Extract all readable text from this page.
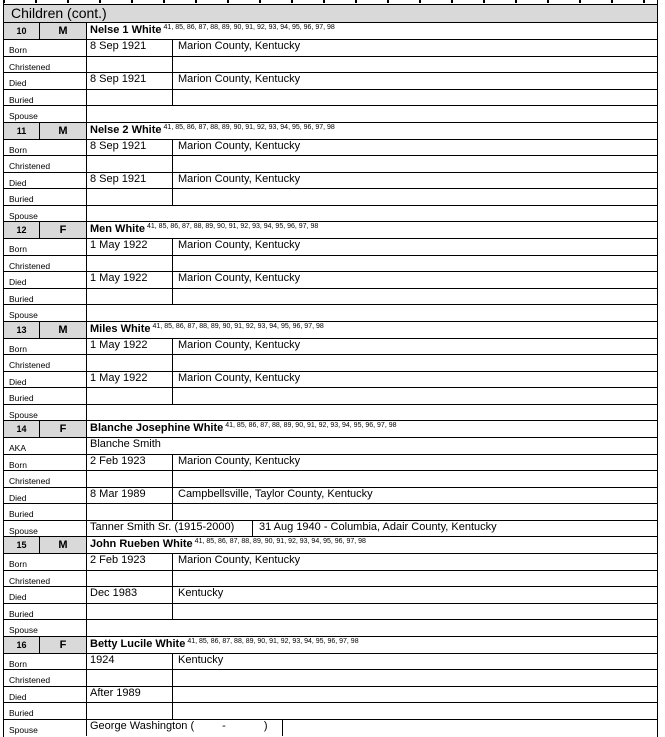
Children (cont.)
10	M	Nelse 1 White $^{41, 85, 86, 87, 88, 89, 90, 91, 92, 93, 94, 95, 96, 97, 98}$
Born	8 Sep 1921	Marion County, Kentucky
Christened
Died	8 Sep 1921	Marion County, Kentucky
Buried
Spouse
11	M	Nelse 2 White $^{41, 85, 86, 87, 88, 89, 90, 91, 92, 93, 94, 95, 96, 97, 98}$
Born	8 Sep 1921	Marion County, Kentucky
Christened
Died	8 Sep 1921	Marion County, Kentucky
Buried
Spouse
12	F	Men White $^{41, 85, 86, 87, 88, 89, 90, 91, 92, 93, 94, 95, 96, 97, 98}$
Born	1 May 1922	Marion County, Kentucky
Christened
Died	1 May 1922	Marion County, Kentucky
Buried
Spouse
13	M	Miles White $^{41, 85, 86, 87, 88, 89, 90, 91, 92, 93, 94, 95, 96, 97, 98}$
Born	1 May 1922	Marion County, Kentucky
Christened
Died	1 May 1922	Marion County, Kentucky
Buried
Spouse
14	F	Blanche Josephine White $^{41, 85, 86, 87, 88, 89, 90, 91, 92, 93, 94, 95, 96, 97, 98}$
AKA	Blanche Smith
Born	2 Feb 1923	Marion County, Kentucky
Christened
Died	8 Mar 1989	Campbellsville, Taylor County, Kentucky
Buried
Spouse	Tanner Smith Sr. (1915-2000)	31 Aug 1940 - Columbia, Adair County, Kentucky
15	M	John Rueben White $^{41, 85, 86, 87, 88, 89, 90, 91, 92, 93, 94, 95, 96, 97, 98}$
Born	2 Feb 1923	Marion County, Kentucky
Christened
Died	Dec 1983	Kentucky
Buried
Spouse
16	F	Betty Lucile White $^{41, 85, 86, 87, 88, 89, 90, 91, 92, 93, 94, 95, 96, 97, 98}$
Born	1924	Kentucky
Christened
Died	After 1989
Buried
Spouse	George Washington (	-	)
